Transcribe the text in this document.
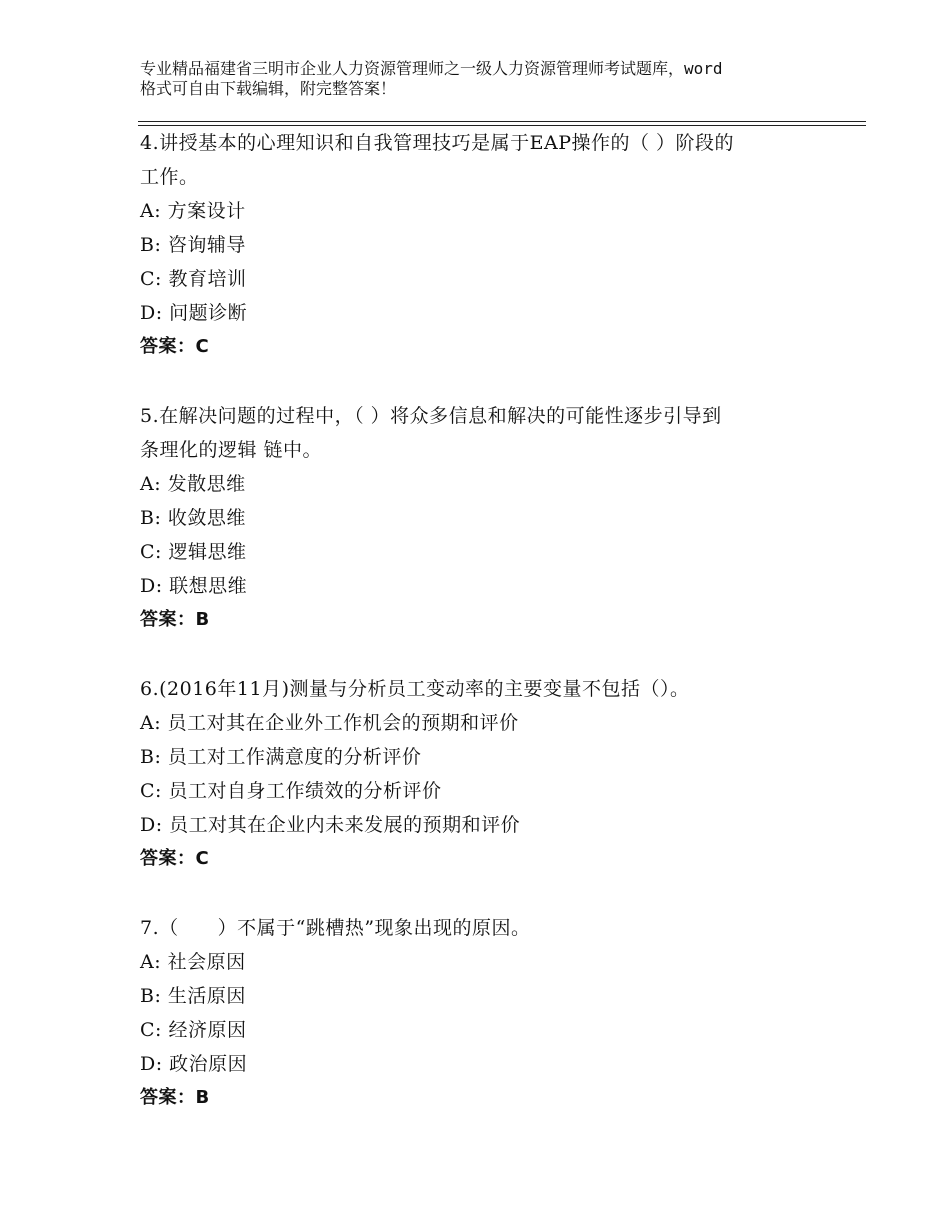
专业精品福建省三明市企业人力资源管理师之一级人力资源管理师考试题库，word
格式可自由下载编辑，附完整答案！
4.讲授基本的心理知识和自我管理技巧是属于EAP操作的（ ）阶段的
工作。
A: 方案设计
B: 咨询辅导
C: 教育培训
D: 问题诊断
答案：C
5.在解决问题的过程中，（ ）将众多信息和解决的可能性逐步引导到
条理化的逻辑 链中。
A: 发散思维
B: 收敛思维
C: 逻辑思维
D: 联想思维
答案：B
6.(2016年11月)测量与分析员工变动率的主要变量不包括（）。
A: 员工对其在企业外工作机会的预期和评价
B: 员工对工作满意度的分析评价
C: 员工对自身工作绩效的分析评价
D: 员工对其在企业内未来发展的预期和评价
答案：C
7.（　　）不属于“跳槽热”现象出现的原因。
A: 社会原因
B: 生活原因
C: 经济原因
D: 政治原因
答案：B
